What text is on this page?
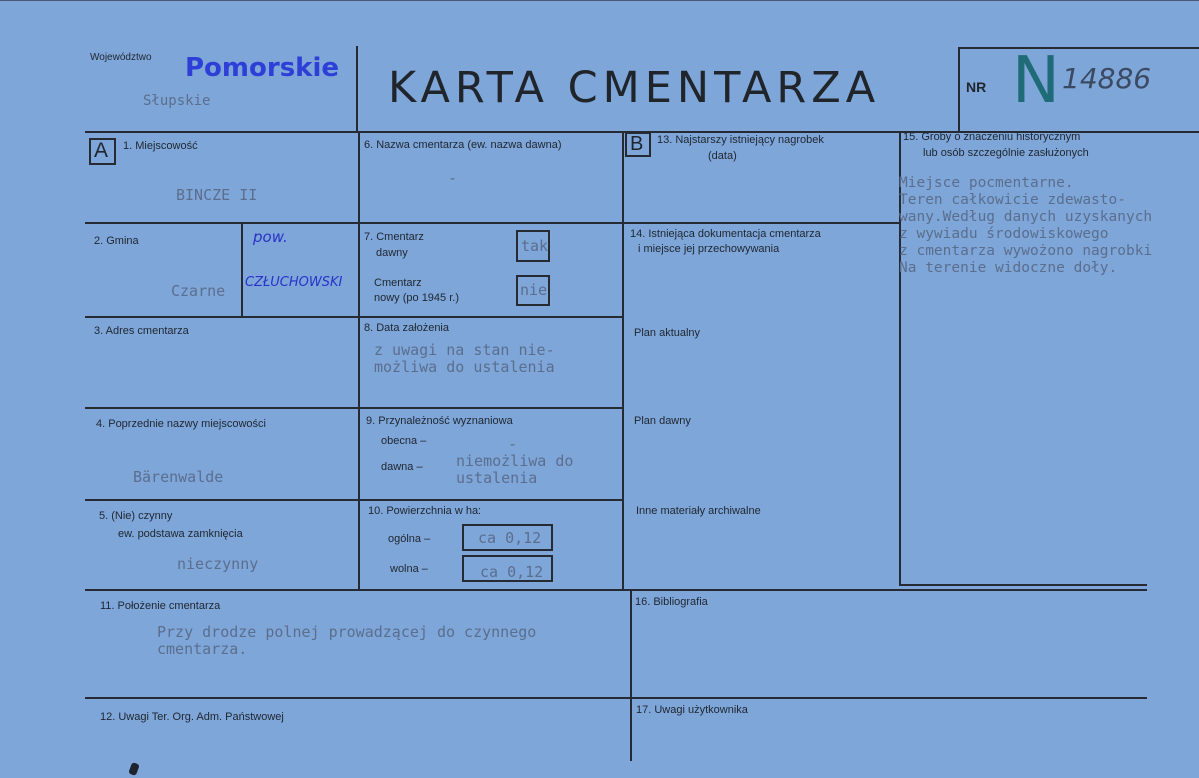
Województwo Pomorskie
Słupskie	KARTA CMENTARZA	NR N 14886
A 1. Miejscowość
BINCZE II
2. Gmina
Czarne
pow.
CZŁUCHOWSKI
3. Adres cmentarza
4. Poprzednie nazwy miejscowości
Bärenwalde
5. (Nie) czynny
ew. podstawa zamknięcia
nieczynny
11. Położenie cmentarza
Przy drodze polnej prowadzącej do czynnego
cmentarza.
12. Uwagi Ter. Org. Adm. Państwowej
6. Nazwa cmentarza (ew. nazwa dawna)
-
7. Cmentarz
dawny	tak
Cmentarz
nowy (po 1945 r.)	nie
8. Data założenia
z uwagi na stan nie-
możliwa do ustalenia
9. Przynależność wyznaniowa
obecna –	-
dawna – niemożliwa do
ustalenia
10. Powierzchnia w ha:
ogólna –	ca 0,12
wolna –	ca 0,12
B 13. Najstarszy istniejący nagrobek
(data)
14. Istniejąca dokumentacja cmentarza
i miejsce jej przechowywania
Plan aktualny
Plan dawny
Inne materiały archiwalne
15. Groby o znaczeniu historycznym
lub osób szczególnie zasłużonych
Miejsce pocmentarne.
Teren całkowicie zdewasto-
wany.Według danych uzyskanych
z wywiadu środowiskowego
z cmentarza wywożono nagrobki
Na terenie widoczne doły.
16. Bibliografia
17. Uwagi użytkownika
